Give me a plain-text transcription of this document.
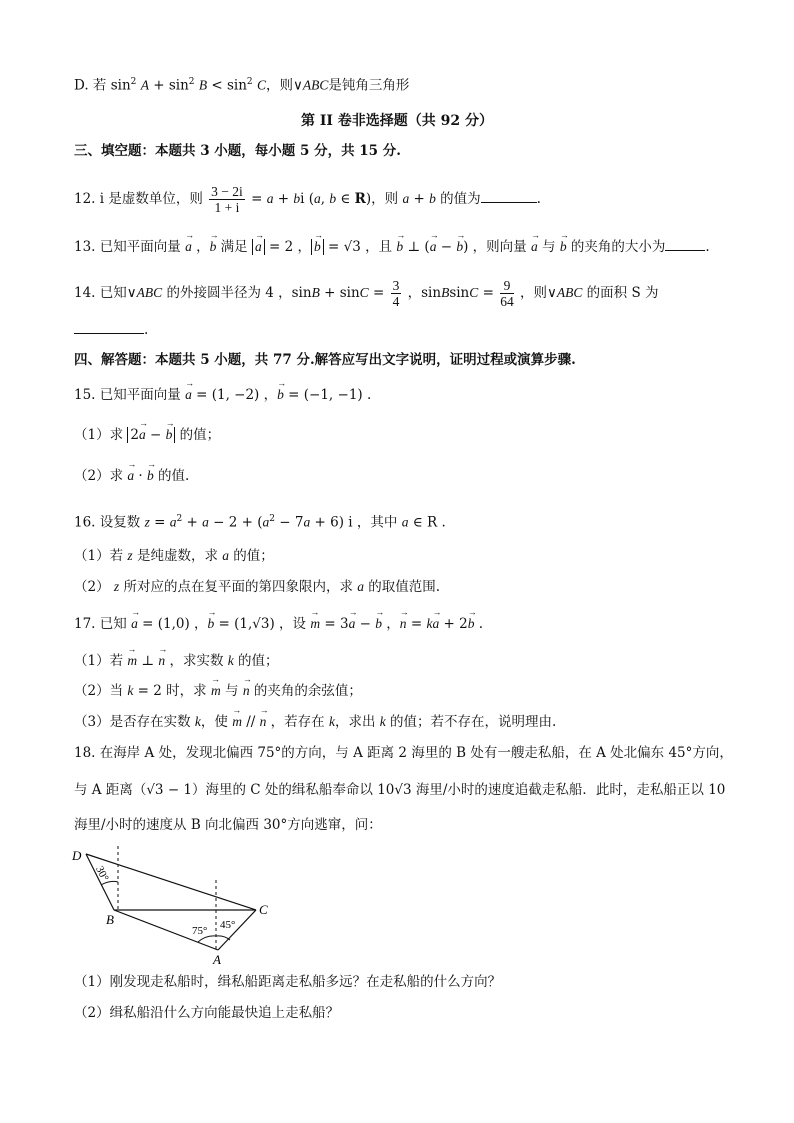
D. 若 $\sin^2 A + \sin^2 B < \sin^2 C$，则∨ABC是钝角三角形
第 II 卷非选择题（共 92 分）
三、填空题：本题共 3 小题，每小题 5 分，共 15 分.
12. i 是虚数单位，则 $\frac{3 - 2i}{1 + i} = a$ + bi (a, b ∈ R)，则 a + b 的值为	.
13. 已知平面向量 → a ，→ b 满足 → a = 2 ，→ b = √3 ，且 → b ⊥ (→ a − → b) ，则向量 → a 与 → b 的夹角的大小为	.
14. 已知∨ABC 的外接圆半径为 4 ，$\sin B + \sin C = \frac{3}{4}$ ，sinBsinC = $\frac{9}{64}$ ，则∨ABC 的面积 S 为
.
四、解答题：本题共 5 小题，共 77 分.解答应写出文字说明，证明过程或演算步骤.
15. 已知平面向量 → a = (1, −2) ，→ b = (−1, −1) .
（1）求 2→ a − → b 的值；
（2）求 → a · → b 的值.
16. 设复数 $z = a^2 + a - 2 + (a^2 - 7a + 6)$ i ，其中 a ∈ R .
（1）若 z 是纯虚数，求 a 的值；
（2） z 所对应的点在复平面的第四象限内，求 a 的取值范围.
17. 已知 → a = (1,0) ，→ b = (1,√3) ，设 → m = 3→ a − → b ，→ n = k→ a + 2→ b .
（1）若 → m ⊥ → n ，求实数 k 的值；
（2）当 k = 2 时，求 → m 与 → n 的夹角的余弦值；
（3）是否存在实数 k，使 → m // → n ，若存在 k，求出 k 的值；若不存在，说明理由.
18. 在海岸 A 处，发现北偏西 75°的方向，与 A 距离 2 海里的 B 处有一艘走私船，在 A 处北偏东 45°方向，
与 A 距离（√3 − 1）海里的 C 处的缉私船奉命以 10√3 海里/小时的速度追截走私船．此时，走私船正以 10
海里/小时的速度从 B 向北偏西 30°方向逃窜，问：
D
B
C
A
30°
75° 45°
（1）刚发现走私船时，缉私船距离走私船多远？在走私船的什么方向？
（2）缉私船沿什么方向能最快追上走私船？
